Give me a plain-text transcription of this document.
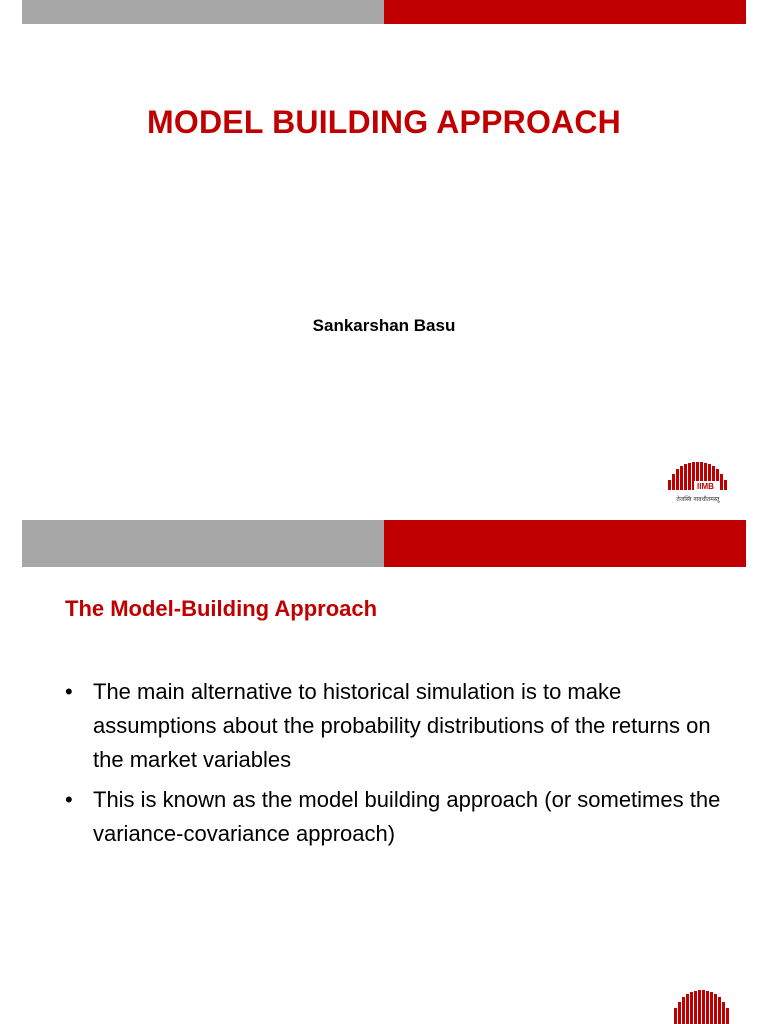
MODEL BUILDING APPROACH
Sankarshan Basu
IIMB
तेजस्वि नावधीतमस्तु
The Model-Building Approach
• The main alternative to historical simulation is to make assumptions about the probability distributions of the returns on the market variables
• This is known as the model building approach (or sometimes the variance-covariance approach)
